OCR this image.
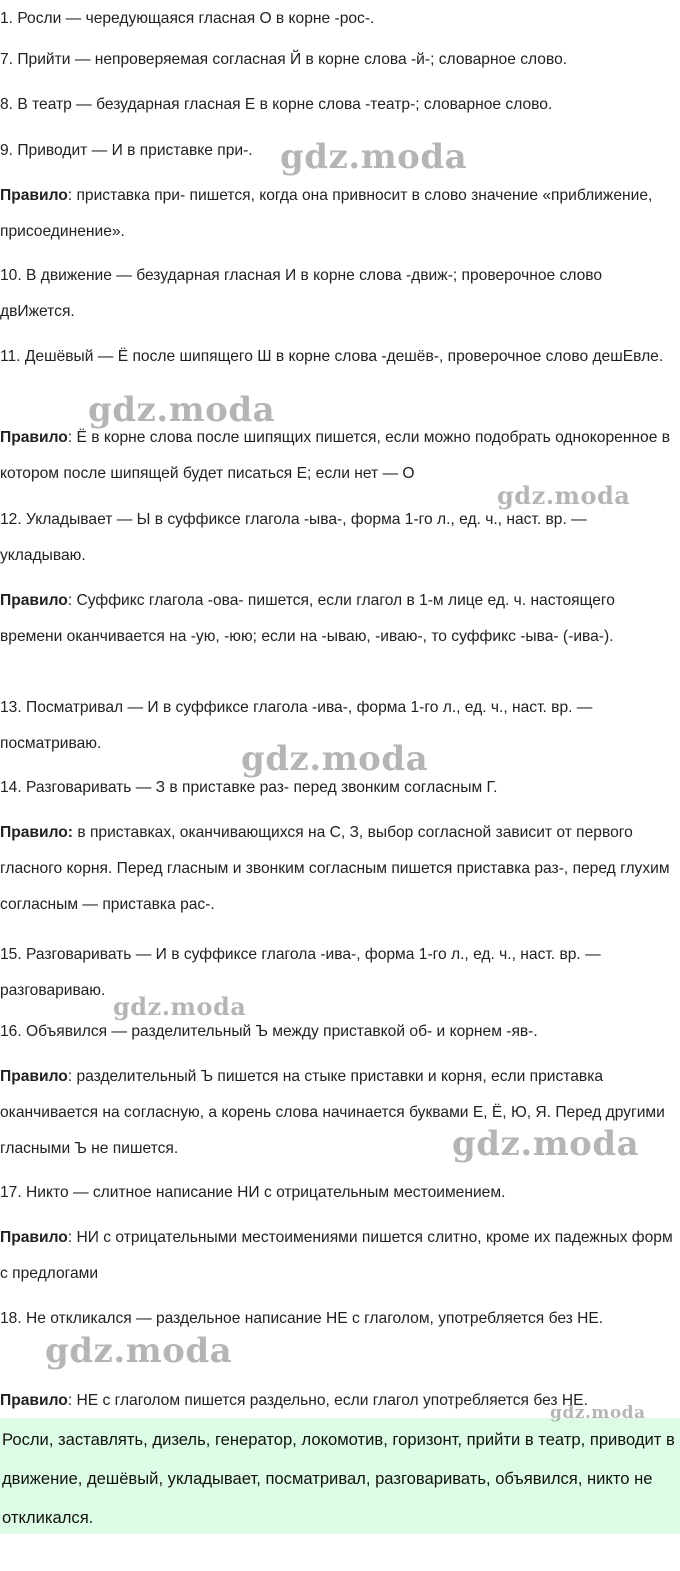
1. Росли — чередующаяся гласная О в корне -рос-.

7. Прийти — непроверяемая согласная Й в корне слова -й-; словарное слово.

8. В театр — безударная гласная Е в корне слова -театр-; словарное слово.

9. Приводит — И в приставке при-.

Правило: приставка при- пишется, когда она привносит в слово значение «приближение, присоединение».

10. В движение — безударная гласная И в корне слова -движ-; проверочное слово двИжется.

11. Дешёвый — Ё после шипящего Ш в корне слова -дешёв-, проверочное слово дешЕвле.

Правило: Ё в корне слова после шипящих пишется, если можно подобрать однокоренное в котором после шипящей будет писаться Е; если нет — О

12. Укладывает — Ы в суффиксе глагола -ыва-, форма 1-го л., ед. ч., наст. вр. — укладываю.

Правило: Суффикс глагола -ова- пишется, если глагол в 1-м лице ед. ч. настоящего времени оканчивается на -ую, -юю; если на -ываю, -иваю-, то суффикс -ыва- (-ива-).

13. Посматривал — И в суффиксе глагола -ива-, форма 1-го л., ед. ч., наст. вр. — посматриваю.

14. Разговаривать — З в приставке раз- перед звонким согласным Г.

Правило: в приставках, оканчивающихся на С, З, выбор согласной зависит от первого гласного корня. Перед гласным и звонким согласным пишется приставка раз-, перед глухим согласным — приставка рас-.

15. Разговаривать — И в суффиксе глагола -ива-, форма 1-го л., ед. ч., наст. вр. — разговариваю.

16. Объявился — разделительный Ъ между приставкой об- и корнем -яв-.

Правило: разделительный Ъ пишется на стыке приставки и корня, если приставка оканчивается на согласную, а корень слова начинается буквами Е, Ё, Ю, Я. Перед другими гласными Ъ не пишется.

17. Никто — слитное написание НИ с отрицательным местоимением.

Правило: НИ с отрицательными местоимениями пишется слитно, кроме их падежных форм с предлогами

18. Не откликался — раздельное написание НЕ с глаголом, употребляется без НЕ.

Правило: НЕ с глаголом пишется раздельно, если глагол употребляется без НЕ.

Росли, заставлять, дизель, генератор, локомотив, горизонт, прийти в театр, приводит в движение, дешёвый, укладывает, посматривал, разговаривать, объявился, никто не откликался.
gdz.moda
gdz.moda
gdz.moda
gdz.moda
gdz.moda
gdz.moda
gdz.moda
gdz.moda
